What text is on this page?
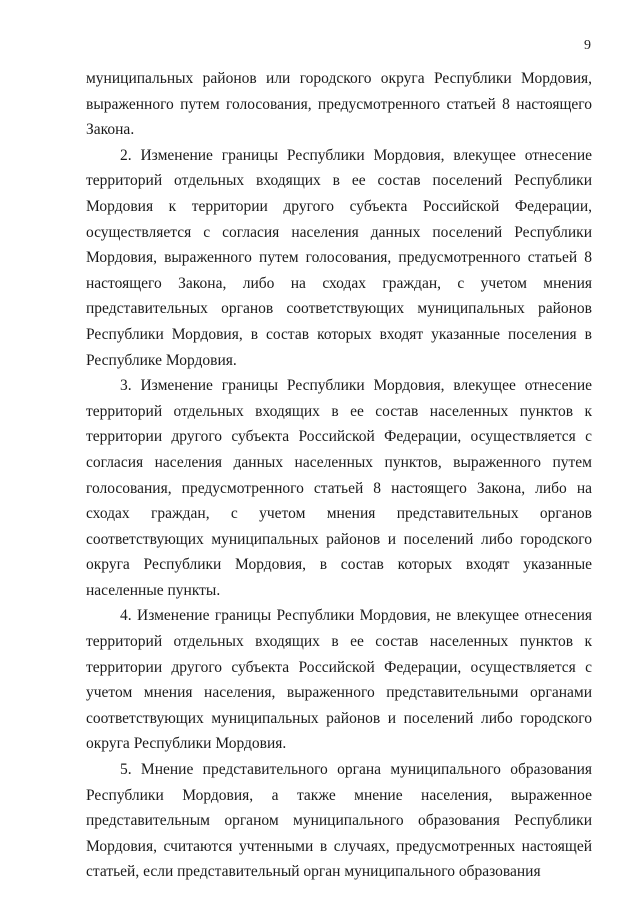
9

муниципальных районов или городского округа Республики Мордовия, выраженного путем голосования, предусмотренного статьей 8 настоящего Закона.

2. Изменение границы Республики Мордовия, влекущее отнесение территорий отдельных входящих в ее состав поселений Республики Мордовия к территории другого субъекта Российской Федерации, осуществляется с согласия населения данных поселений Республики Мордовия, выраженного путем голосования, предусмотренного статьей 8 настоящего Закона, либо на сходах граждан, с учетом мнения представительных органов соответствующих муниципальных районов Республики Мордовия, в состав которых входят указанные поселения в Республике Мордовия.

3. Изменение границы Республики Мордовия, влекущее отнесение территорий отдельных входящих в ее состав населенных пунктов к территории другого субъекта Российской Федерации, осуществляется с согласия населения данных населенных пунктов, выраженного путем голосования, предусмотренного статьей 8 настоящего Закона, либо на сходах граждан, с учетом мнения представительных органов соответствующих муниципальных районов и поселений либо городского округа Республики Мордовия, в состав которых входят указанные населенные пункты.

4. Изменение границы Республики Мордовия, не влекущее отнесения территорий отдельных входящих в ее состав населенных пунктов к территории другого субъекта Российской Федерации, осуществляется с учетом мнения населения, выраженного представительными органами соответствующих муниципальных районов и поселений либо городского округа Республики Мордовия.

5. Мнение представительного органа муниципального образования Республики Мордовия, а также мнение населения, выраженное представительным органом муниципального образования Республики Мордовия, считаются учтенными в случаях, предусмотренных настоящей статьей, если представительный орган муниципального образования
